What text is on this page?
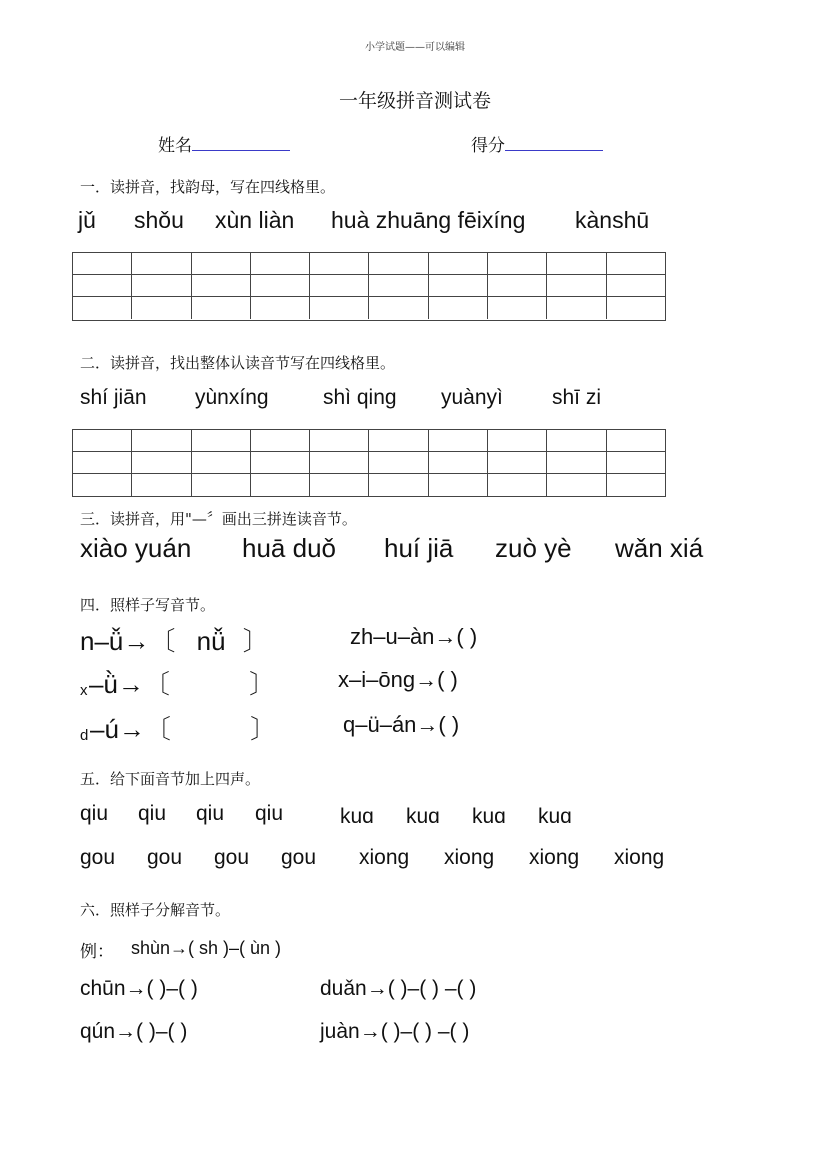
小学试题——可以编辑
一年级拼音测试卷
姓名	得分
一．读拼音，找韵母，写在四线格里。
jǔ shǒu xùn liàn huà zhuāng fēixíng kànshū
二．读拼音，找出整体认读音节写在四线格里。
shí jiān yùnxíng	shì qing yuànyì shī zi
三．读拼音，用"—〞画出三拼连读音节。
xiào yuán huā duǒ huí jiā zuò yè wǎn xiá
四．照样子写音节。
n–ǚ→〔 nǚ 〕	zh–u–àn→( )
x –ǜ→〔	〕	x–i–ōng→( )
d –ú→〔	〕	q–ü–án→( )
五．给下面音节加上四声。
qiu qiu qiu qiu	kuɑ kuɑ kuɑ kuɑ
gou gou gou gou xiong xiong xiong xiong
六．照样子分解音节。
例： shùn→( sh )–( ùn )
chūn→( )–( )	duǎn→( )–( ) –( )
qún→( )–( )	juàn→( )–( ) –( )
